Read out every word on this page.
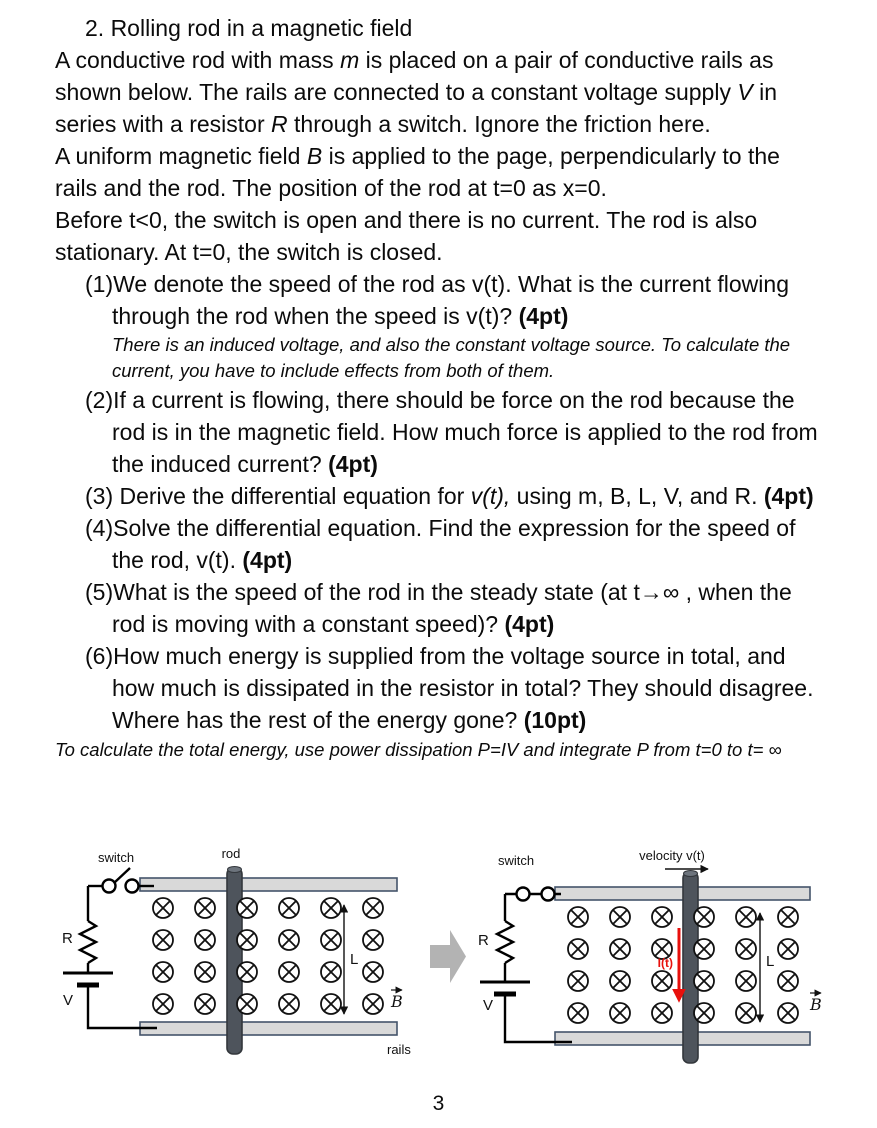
2. Rolling rod in a magnetic field
A conductive rod with mass m is placed on a pair of conductive rails as shown below. The rails are connected to a constant voltage supply V in series with a resistor R through a switch. Ignore the friction here.
A uniform magnetic field B is applied to the page, perpendicularly to the rails and the rod. The position of the rod at t=0 as x=0.
Before t<0, the switch is open and there is no current. The rod is also stationary. At t=0, the switch is closed.
(1)We denote the speed of the rod as v(t). What is the current flowing through the rod when the speed is v(t)? (4pt)
There is an induced voltage, and also the constant voltage source. To calculate the current, you have to include effects from both of them.
(2)If a current is flowing, there should be force on the rod because the rod is in the magnetic field. How much force is applied to the rod from the induced current? (4pt)
(3) Derive the differential equation for v(t), using m, B, L, V, and R. (4pt)
(4)Solve the differential equation. Find the expression for the speed of the rod, v(t). (4pt)
(5)What is the speed of the rod in the steady state (at t→∞ , when the rod is moving with a constant speed)? (4pt)
(6)How much energy is supplied from the voltage source in total, and how much is dissipated in the resistor in total? They should disagree. Where has the rest of the energy gone? (10pt)
To calculate the total energy, use power dissipation P=IV and integrate P from t=0 to t= ∞
switch	rod
R
V
L
B
rails
I(t)
switch	velocity v(t)
R
V
L
B
3
